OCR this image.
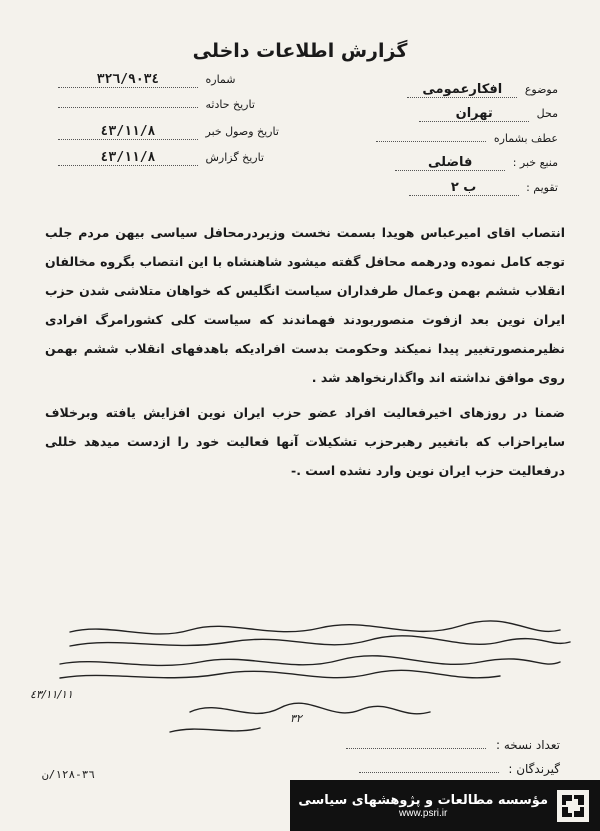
گزارش اطلاعات داخلی
موضوع افکارعمومی
محل تهران
عطف بشماره
منبع خبر : فاضلی
تقویم : ب ٢
شماره ٣٢٦/٩٠٣٤
تاریخ حادثه
تاریخ وصول خبر ٤٣/١١/٨
تاریخ گزارش ٤٣/١١/٨

انتصاب اقای امیرعباس هویدا بسمت نخست وزیردرمحافل سیاسی بیهن مردم جلب توجه کامل نموده ودرهمه محافل گفته میشود شاهنشاه با این انتصاب بگروه مخالفان انقلاب ششم بهمن وعمال طرفداران سیاست انگلیس که خواهان متلاشی شدن حزب ایران نوین بعد ازفوت منصوربودند فهماندند که سیاست کلی کشورامرگ افرادی نظیرمنصورتغییر پیدا نمیکند وحکومت بدست افرادیکه باهدفهای انقلاب ششم بهمن روی موافق نداشته اند واگذارنخواهد شد .

ضمنا در روزهای اخیرفعالیت افراد عضو حزب ایران نوین افزایش یافته وبرخلاف سایراحزاب که باتغییر رهبرحزب تشکیلات آنها فعالیت خود را ازدست میدهد خللی درفعالیت حزب ایران نوین وارد نشده است .-

٤٣/١١/١١
٣٢
تعداد نسخه :
گیرندگان :
٣٦-١٢٨/ن
مؤسسه مطالعات و پژوهشهای سیاسی
www.psri.ir
